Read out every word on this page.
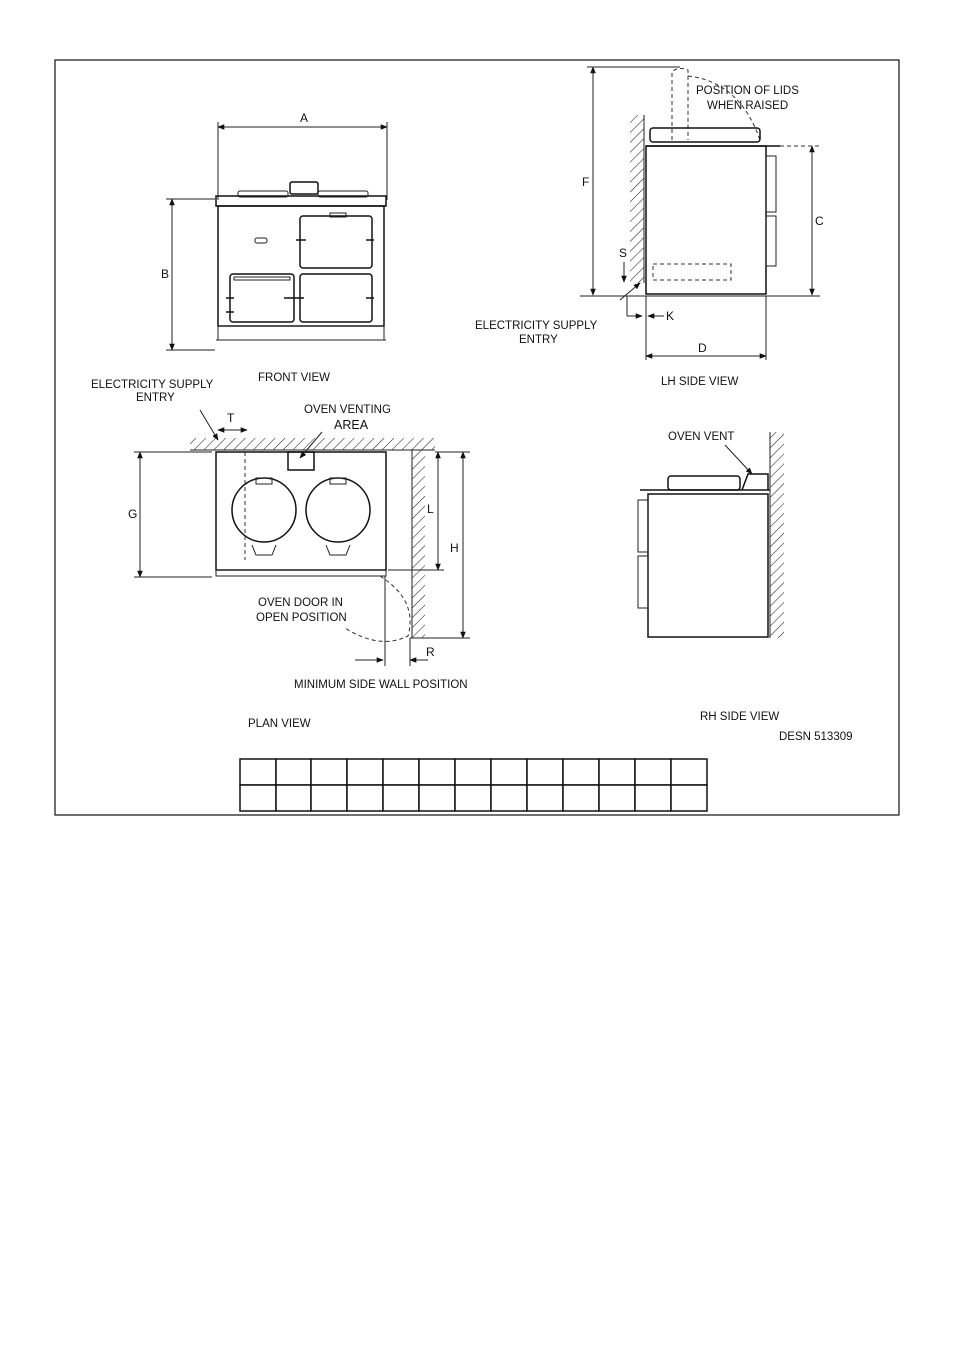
A
B
FRONT VIEW
F
C
S
K
D
POSITION OF LIDS
WHEN RAISED
ELECTRICITY SUPPLY
ENTRY
LH SIDE VIEW
G
T
L
H
R
ELECTRICITY SUPPLY
ENTRY
OVEN VENTING
AREA
OVEN DOOR IN
OPEN POSITION
MINIMUM SIDE WALL POSITION
PLAN VIEW
OVEN VENT
RH SIDE VIEW
DESN 513309
